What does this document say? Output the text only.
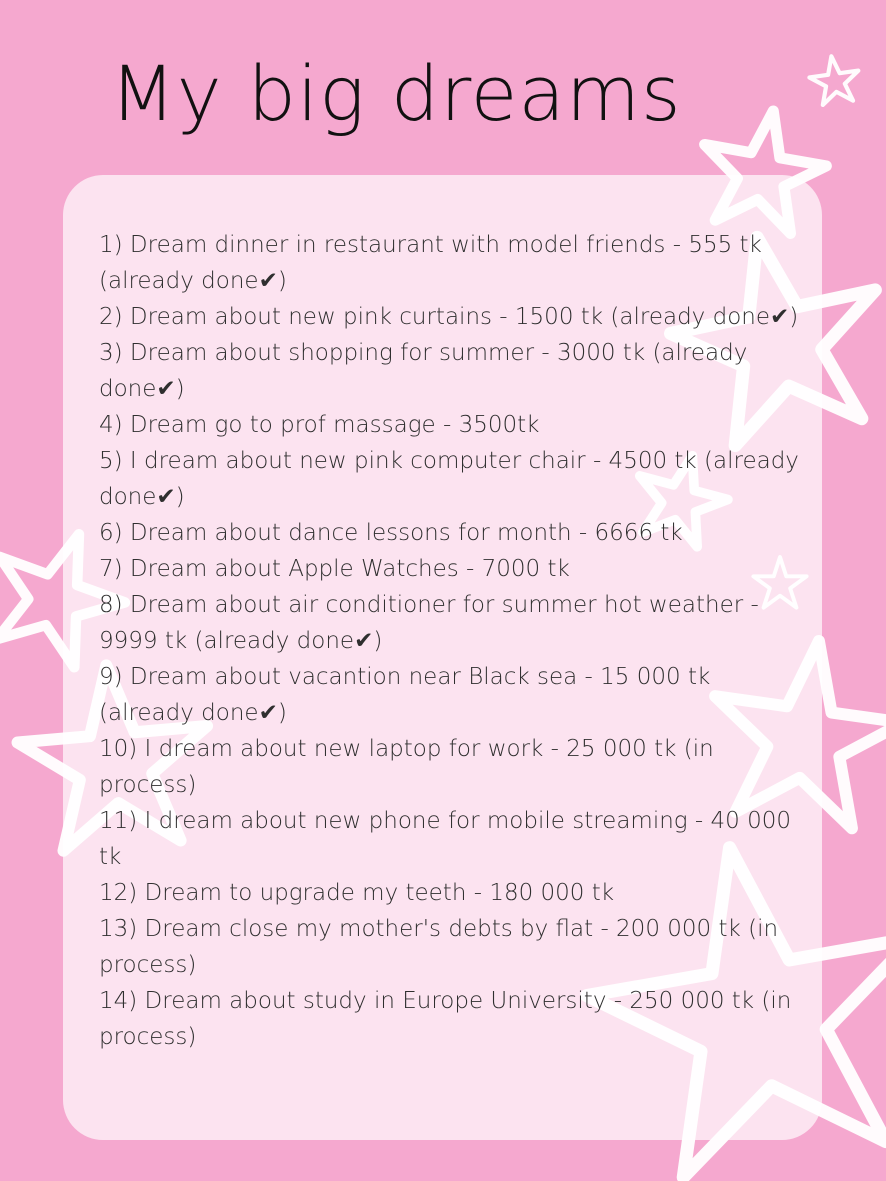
My big dreams
1) Dream dinner in restaurant with model friends - 555 tk (already done✔)
2) Dream about new pink curtains - 1500 tk (already done✔)
3) Dream about shopping for summer - 3000 tk (already done✔)
4) Dream go to prof massage - 3500tk
5) I dream about new pink computer chair - 4500 tk (already done✔)
6) Dream about dance lessons for month - 6666 tk
7) Dream about Apple Watches - 7000 tk
8) Dream about air conditioner for summer hot weather - 9999 tk (already done✔)
9) Dream about vacantion near Black sea - 15 000 tk (already done✔)
10) I dream about new laptop for work - 25 000 tk (in process)
11) I dream about new phone for mobile streaming - 40 000 tk
12) Dream to upgrade my teeth - 180 000 tk
13) Dream close my mother's debts by flat - 200 000 tk (in process)
14) Dream about study in Europe University - 250 000 tk (in process)
